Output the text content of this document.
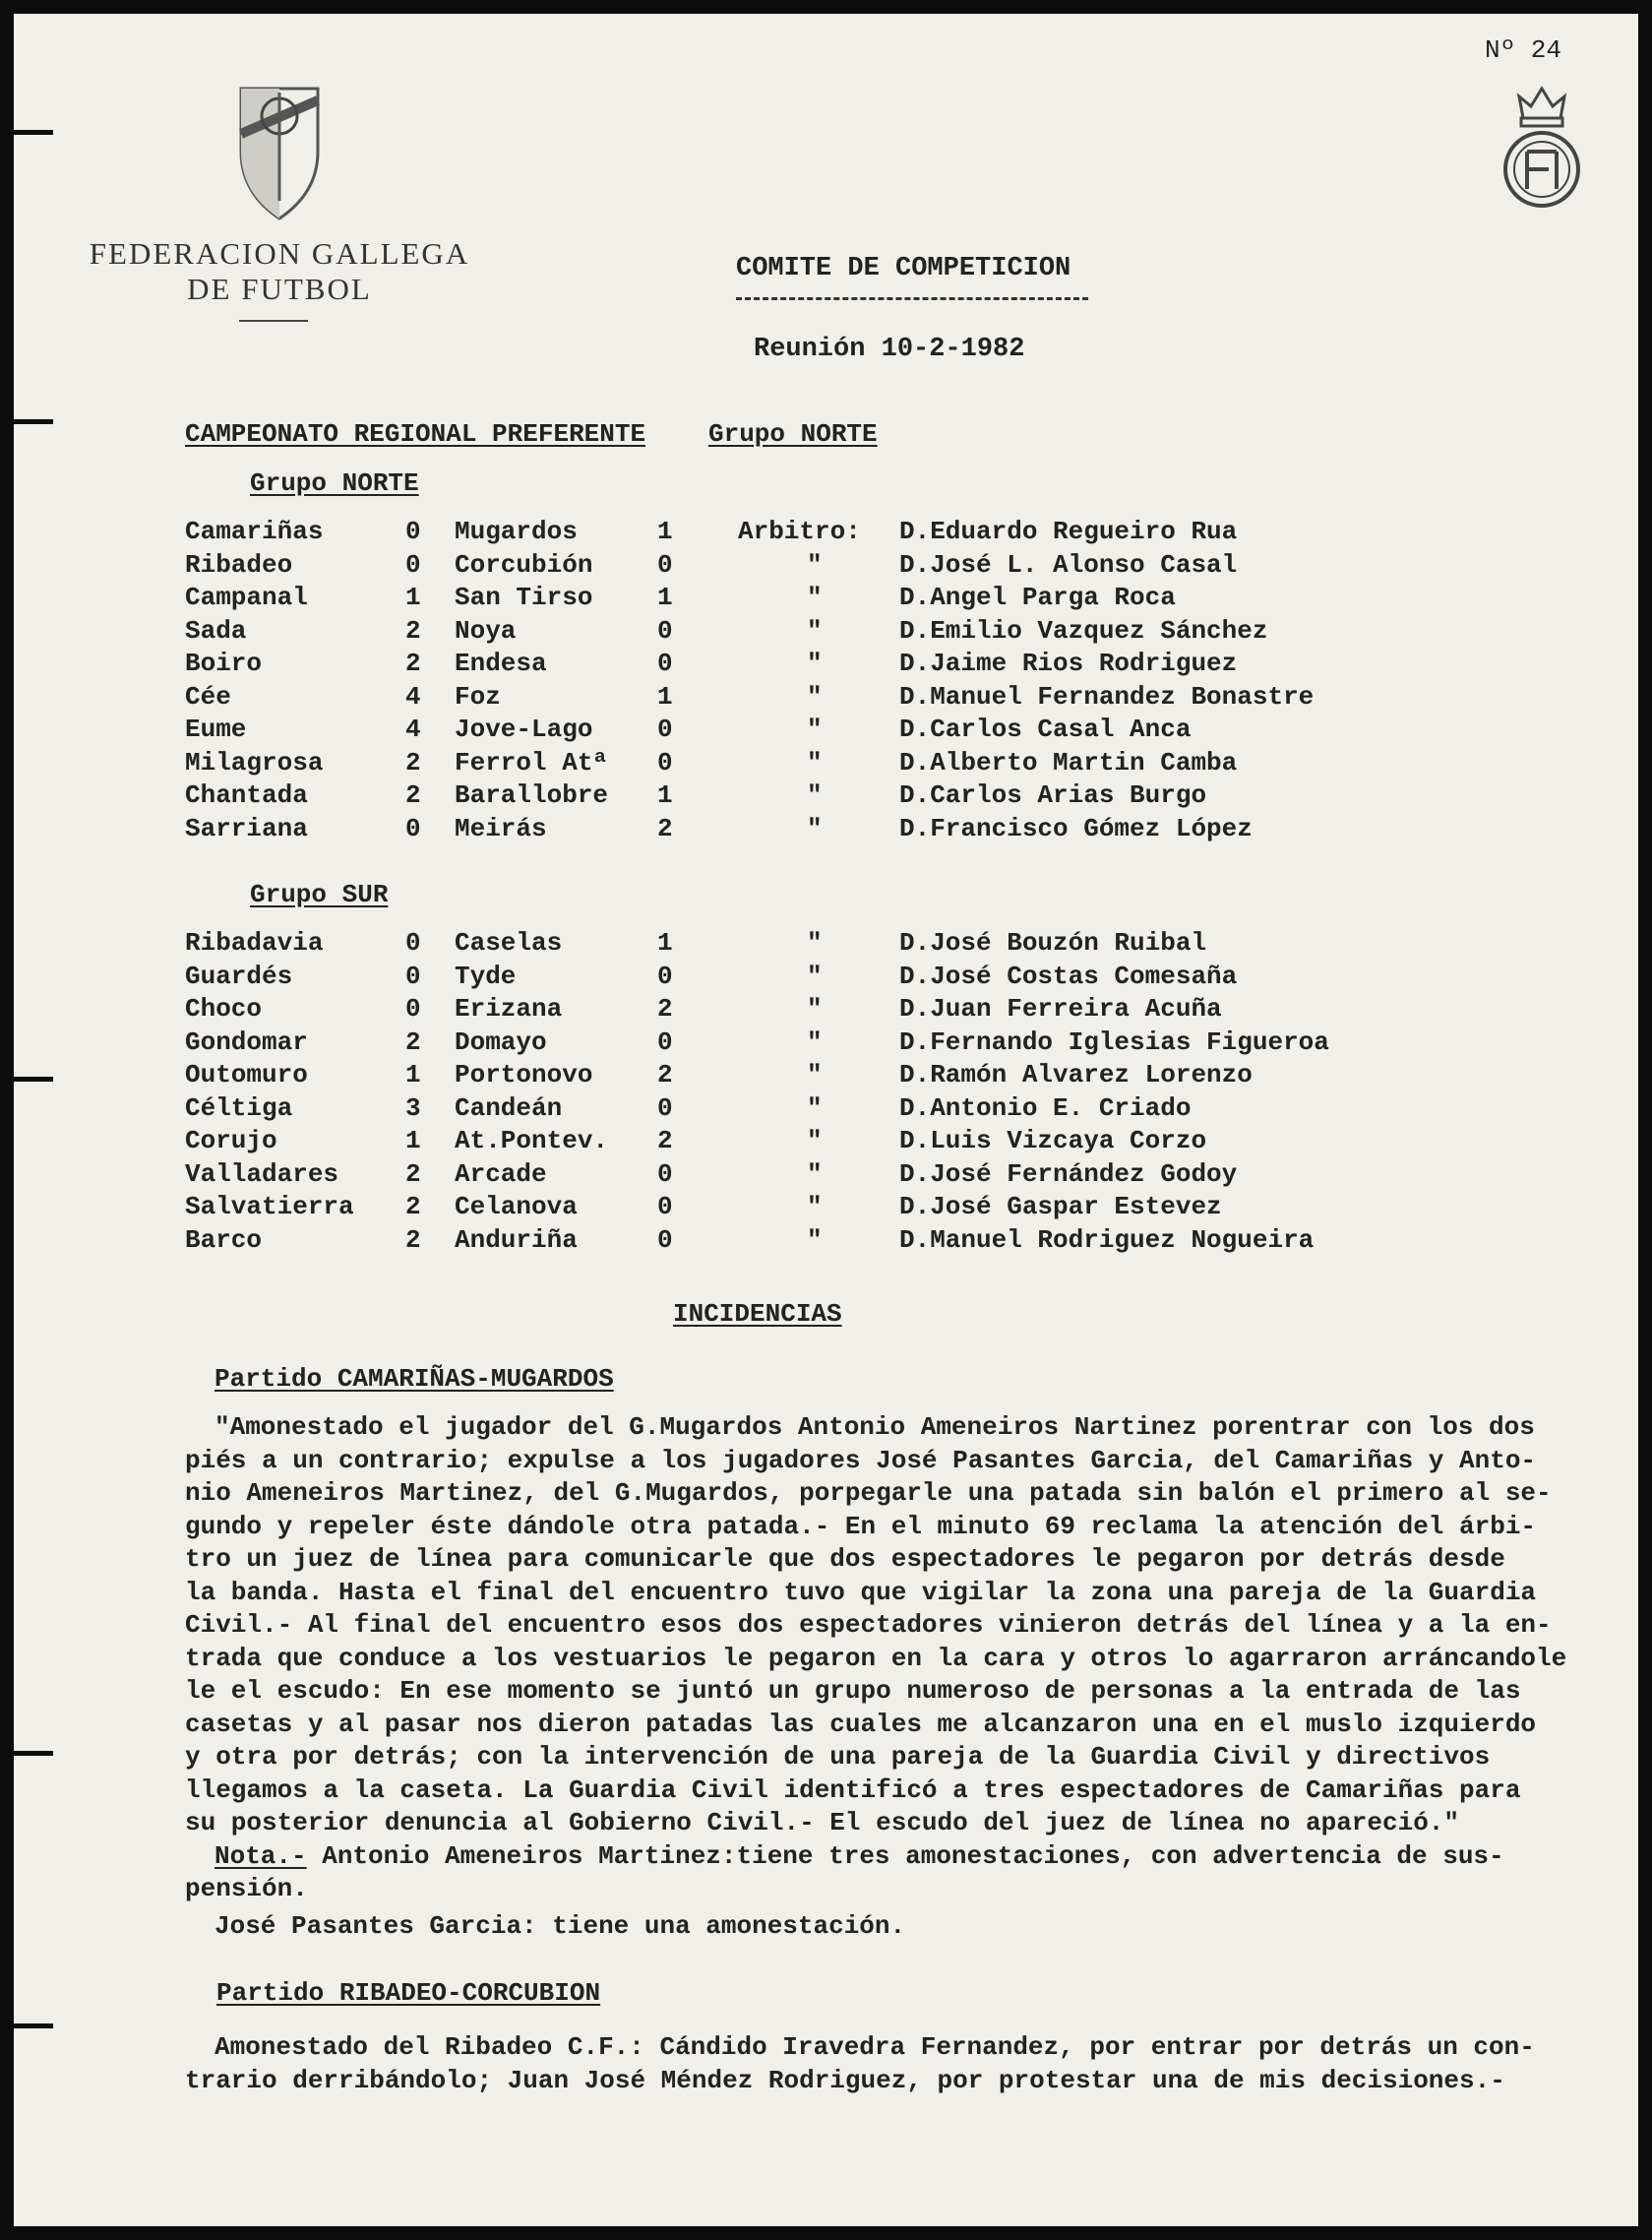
Nº 24
FEDERACION GALLEGA
DE FUTBOL
COMITE DE COMPETICION
Reunión 10-2-1982
CAMPEONATO REGIONAL PREFERENTE Grupo NORTE
Grupo NORTE
Camariñas	0 Mugardos	1	Arbitro: D.Eduardo Regueiro Rua
Ribadeo	0 Corcubión	0	"	D.José L. Alonso Casal
Campanal	1 San Tirso	1	"	D.Angel Parga Roca
Sada	2 Noya	0	"	D.Emilio Vazquez Sánchez
Boiro	2 Endesa	0	"	D.Jaime Rios Rodriguez
Cée	4 Foz	1	"	D.Manuel Fernandez Bonastre
Eume	4 Jove-Lago	0	"	D.Carlos Casal Anca
Milagrosa	2 Ferrol Atª 0	"	D.Alberto Martin Camba
Chantada	2 Barallobre 1	"	D.Carlos Arias Burgo
Sarriana	0 Meirás	2	"	D.Francisco Gómez López
Grupo SUR
Ribadavia	0 Caselas	1	"	D.José Bouzón Ruibal
Guardés	0 Tyde	0	"	D.José Costas Comesaña
Choco	0 Erizana	2	"	D.Juan Ferreira Acuña
Gondomar	2 Domayo	0	"	D.Fernando Iglesias Figueroa
Outomuro	1 Portonovo	2	"	D.Ramón Alvarez Lorenzo
Céltiga	3 Candeán	0	"	D.Antonio E. Criado
Corujo	1 At.Pontev. 2	"	D.Luis Vizcaya Corzo
Valladares	2 Arcade	0	"	D.José Fernández Godoy
Salvatierra 2 Celanova	0	"	D.José Gaspar Estevez
Barco	2 Anduriña	0	"	D.Manuel Rodriguez Nogueira
INCIDENCIAS
Partido CAMARIÑAS-MUGARDOS

"Amonestado el jugador del G.Mugardos Antonio Ameneiros Nartinez porentrar con los dos

piés a un contrario; expulse a los jugadores José Pasantes Garcia, del Camariñas y Anto-

nio Ameneiros Martinez, del G.Mugardos, porpegarle una patada sin balón el primero al se-

gundo y repeler éste dándole otra patada.- En el minuto 69 reclama la atención del árbi-

tro un juez de línea para comunicarle que dos espectadores le pegaron por detrás desde

la banda. Hasta el final del encuentro tuvo que vigilar la zona una pareja de la Guardia

Civil.- Al final del encuentro esos dos espectadores vinieron detrás del línea y a la en-

trada que conduce a los vestuarios le pegaron en la cara y otros lo agarraron arráncandole

le el escudo: En ese momento se juntó un grupo numeroso de personas a la entrada de las

casetas y al pasar nos dieron patadas las cuales me alcanzaron una en el muslo izquierdo

y otra por detrás; con la intervención de una pareja de la Guardia Civil y directivos

llegamos a la caseta. La Guardia Civil identificó a tres espectadores de Camariñas para

su posterior denuncia al Gobierno Civil.- El escudo del juez de línea no apareció."

Nota.- Antonio Ameneiros Martinez:tiene tres amonestaciones, con advertencia de sus-

pensión.

José Pasantes Garcia: tiene una amonestación.

Partido RIBADEO-CORCUBION

Amonestado del Ribadeo C.F.: Cándido Iravedra Fernandez, por entrar por detrás un con-

trario derribándolo; Juan José Méndez Rodriguez, por protestar una de mis decisiones.-
